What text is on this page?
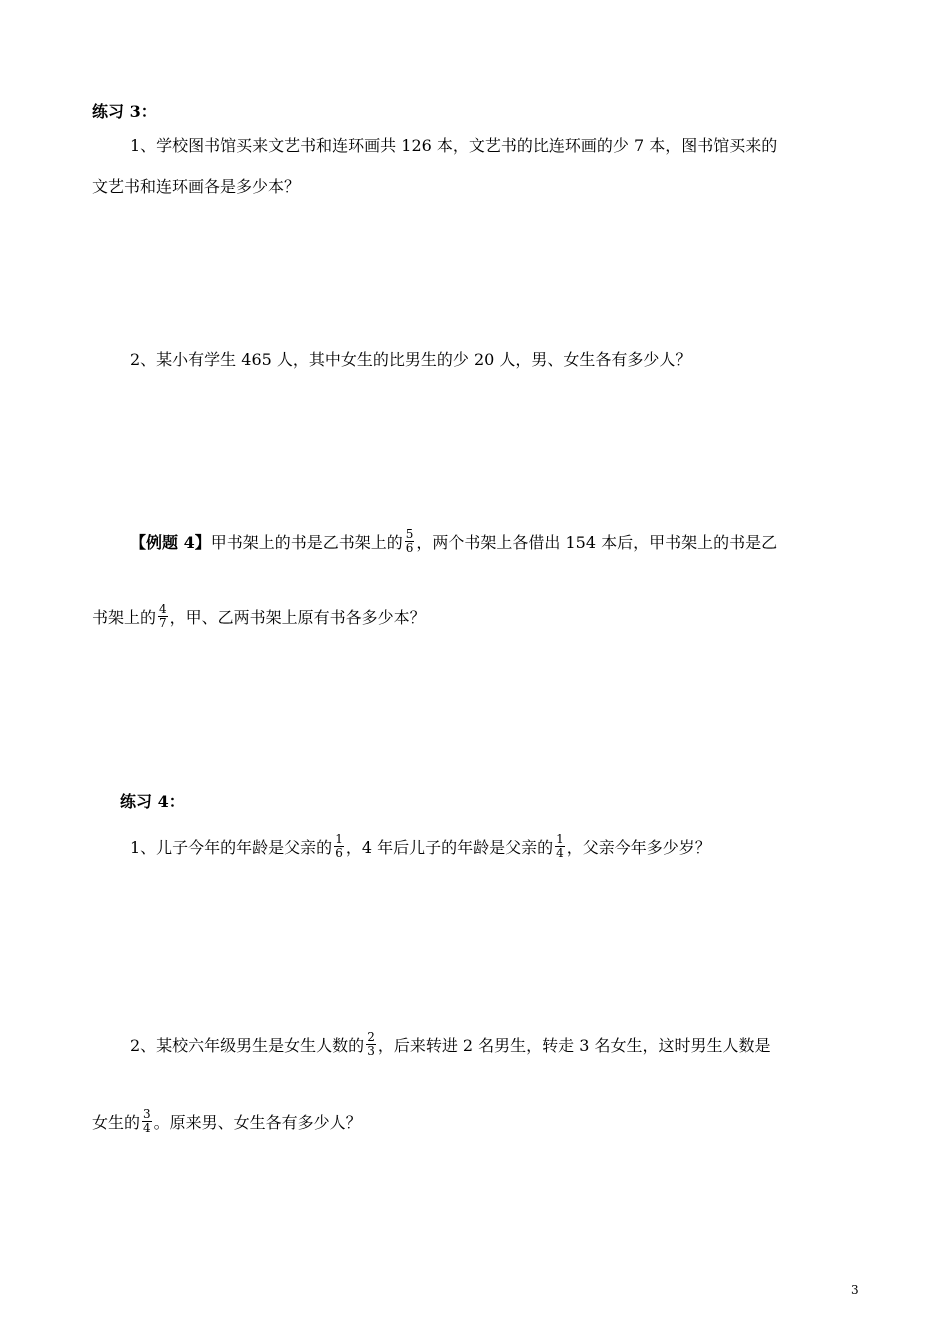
练习 3：
1、学校图书馆买来文艺书和连环画共 126 本，文艺书的比连环画的少 7 本，图书馆买来的
文艺书和连环画各是多少本？
2、某小有学生 465 人，其中女生的比男生的少 20 人，男、女生各有多少人？
【例题 4】甲书架上的书是乙书架上的 $\frac{5}{6}$ ，两个书架上各借出 154 本后，甲书架上的书是乙
书架上的 $\frac{4}{7}$ ，甲、乙两书架上原有书各多少本？
练习 4：
1、儿子今年的年龄是父亲的 $\frac{1}{6}$ ，4 年后儿子的年龄是父亲的 $\frac{1}{4}$ ，父亲今年多少岁？
2、某校六年级男生是女生人数的 $\frac{2}{3}$ ，后来转进 2 名男生，转走 3 名女生，这时男生人数是
女生的 $\frac{3}{4}$ 。原来男、女生各有多少人？
3
